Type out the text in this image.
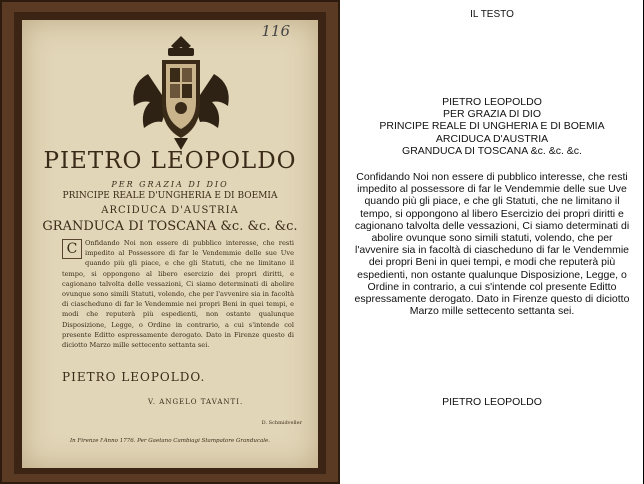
116
PIETRO LEOPOLDO
PER GRAZIA DI DIO
PRINCIPE REALE D'UNGHERIA E DI BOEMIA
ARCIDUCA D'AUSTRIA
GRANDUCA DI TOSCANA &c. &c. &c.
C	Onfidando Noi non essere di pubblico interesse, che resti impedito al Possessore di far le Vendemmie delle sue Uve quando più gli piace, e che gli Statuti, che ne limitano il tempo, si oppongono al libero esercizio dei propri diritti, e cagionano talvolta delle vessazioni, Ci siamo determinati di abolire ovunque sono simili Statuti, volendo, che per l'avvenire sia in facoltà di ciascheduno di far le Vendemmie nei propri Beni in quei tempi, e modi che reputerà più espedienti, non ostante qualunque Disposizione, Legge, o Ordine in contrario, a cui s'intende col presente Editto espressamente derogato. Dato in Firenze questo di diciotto Marzo mille settecento settanta sei.
PIETRO LEOPOLDO.
V. ANGELO TAVANTI.
D. Schmidveller
In Firenze l'Anno 1776. Per Gaetano Cambiagi Stampatore Granducale.
IL TESTO
PIETRO LEOPOLDO
PER GRAZIA DI DIO
PRINCIPE REALE DI UNGHERIA E DI BOEMIA
ARCIDUCA D'AUSTRIA
GRANDUCA DI TOSCANA &c. &c. &c.
Confidando Noi non essere di pubblico interesse, che resti impedito al possessore di far le Vendemmie delle sue Uve quando più gli piace, e che gli Statuti, che ne limitano il tempo, si oppongono al libero Esercizio dei propri diritti e cagionano talvolta delle vessazioni, Ci siamo determinati di abolire ovunque sono simili statuti, volendo, che per l'avvenire sia in facoltà di ciascheduno di far le Vendemmie dei propri Beni in quei tempi, e modi che reputerà più espedienti, non ostante qualunque Disposizione, Legge, o Ordine in contrario, a cui s'intende col presente Editto espressamente derogato. Dato in Firenze questo di diciotto Marzo mille settecento settanta sei.
PIETRO LEOPOLDO
